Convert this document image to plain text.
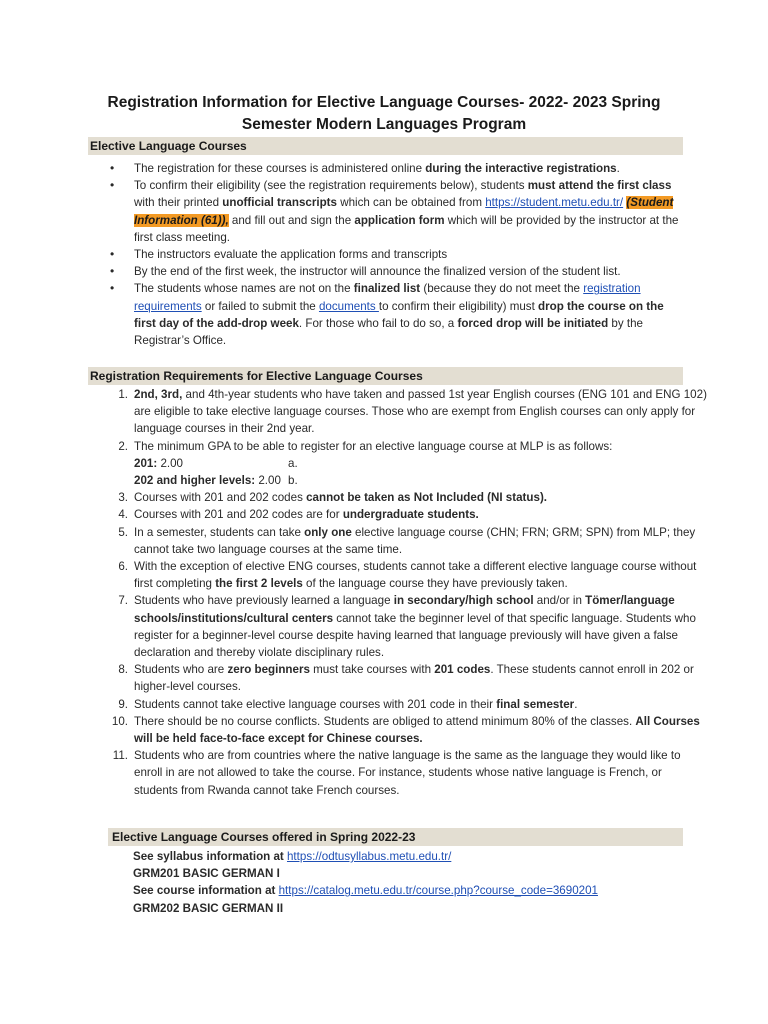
Registration Information for Elective Language Courses- 2022- 2023 Spring
Semester Modern Languages Program
Elective Language Courses
• The registration for these courses is administered online during the interactive registrations.
• To confirm their eligibility (see the registration requirements below), students must attend the first class with their printed unofficial transcripts which can be obtained from https://student.metu.edu.tr/ (Student Information (61)), and fill out and sign the application form which will be provided by the instructor at the first class meeting.
• The instructors evaluate the application forms and transcripts
• By the end of the first week, the instructor will announce the finalized version of the student list.
• The students whose names are not on the finalized list (because they do not meet the registration requirements or failed to submit the documents to confirm their eligibility) must drop the course on the first day of the add-drop week. For those who fail to do so, a forced drop will be initiated by the Registrar’s Office.
Registration Requirements for Elective Language Courses
1. 2nd, 3rd, and 4th-year students who have taken and passed 1st year English courses (ENG 101 and ENG 102) are eligible to take elective language courses. Those who are exempt from English courses can only apply for language courses in their 2nd year.
2. The minimum GPA to be able to register for an elective language course at MLP is as follows:
a.
201: 2.00
b.
202 and higher levels: 2.00
3. Courses with 201 and 202 codes cannot be taken as Not Included (NI status).
4. Courses with 201 and 202 codes are for undergraduate students.
5. In a semester, students can take only one elective language course (CHN; FRN; GRM; SPN) from MLP; they cannot take two language courses at the same time.
6. With the exception of elective ENG courses, students cannot take a different elective language course without first completing the first 2 levels of the language course they have previously taken.
7. Students who have previously learned a language in secondary/high school and/or in Tömer/language schools/institutions/cultural centers cannot take the beginner level of that specific language. Students who register for a beginner-level course despite having learned that language previously will have given a false declaration and thereby violate disciplinary rules.
8. Students who are zero beginners must take courses with 201 codes. These students cannot enroll in 202 or higher-level courses.
9. Students cannot take elective language courses with 201 code in their final semester.
10. There should be no course conflicts. Students are obliged to attend minimum 80% of the classes. All Courses will be held face-to-face except for Chinese courses.
11. Students who are from countries where the native language is the same as the language they would like to enroll in are not allowed to take the course. For instance, students whose native language is French, or students from Rwanda cannot take French courses.
Elective Language Courses offered in Spring 2022-23
See syllabus information at https://odtusyllabus.metu.edu.tr/
GRM201 BASIC GERMAN I
See course information at https://catalog.metu.edu.tr/course.php?course_code=3690201
GRM202 BASIC GERMAN II
